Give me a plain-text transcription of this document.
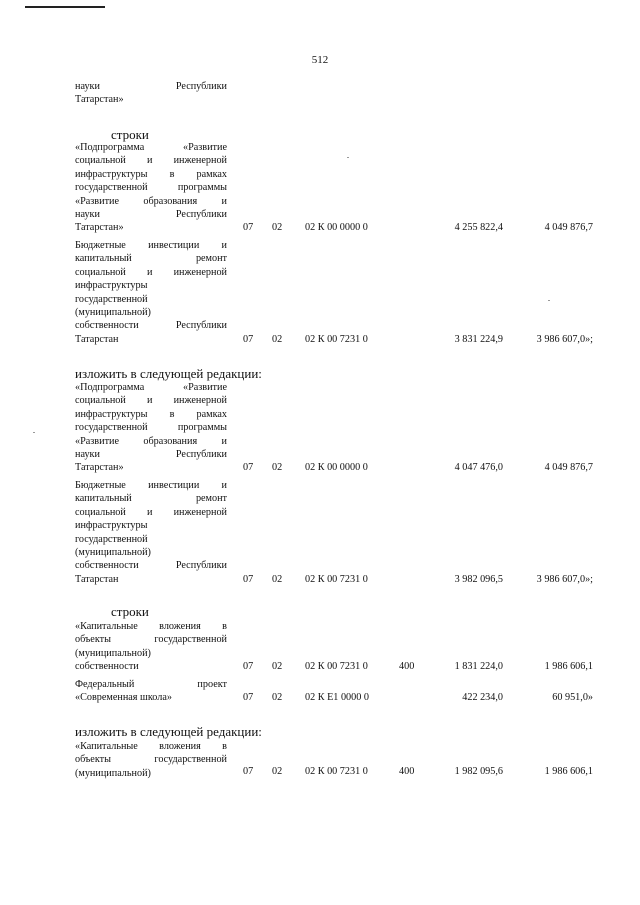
512
науки Республики
Татарстан»
строки
«Подпрограмма «Развитие
социальной и инженерной
инфраструктуры в рамках
государственной программы
«Развитие образования и
науки Республики
Татарстан»	07 02 02 К 00 0000 0	4 255 822,4	4 049 876,7
Бюджетные инвестиции и
капитальный ремонт
социальной и инженерной
инфраструктуры
государственной
(муниципальной)
собственности Республики
Татарстан	07 02 02 К 00 7231 0	3 831 224,9	3 986 607,0»;
изложить в следующей редакции:
«Подпрограмма «Развитие
социальной и инженерной
инфраструктуры в рамках
государственной программы
«Развитие образования и
науки Республики
Татарстан»	07 02 02 К 00 0000 0	4 047 476,0	4 049 876,7
Бюджетные инвестиции и
капитальный ремонт
социальной и инженерной
инфраструктуры
государственной
(муниципальной)
собственности Республики
Татарстан	07 02 02 К 00 7231 0	3 982 096,5	3 986 607,0»;
строки
«Капитальные вложения в
объекты государственной
(муниципальной)
собственности	07 02 02 К 00 7231 0	400	1 831 224,0	1 986 606,1
Федеральный проект
«Современная школа»	07 02 02 К Е1 0000 0	422 234,0	60 951,0»
изложить в следующей редакции:
«Капитальные вложения в
объекты государственной
(муниципальной)	07 02 02 К 00 7231 0	400	1 982 095,6	1 986 606,1
